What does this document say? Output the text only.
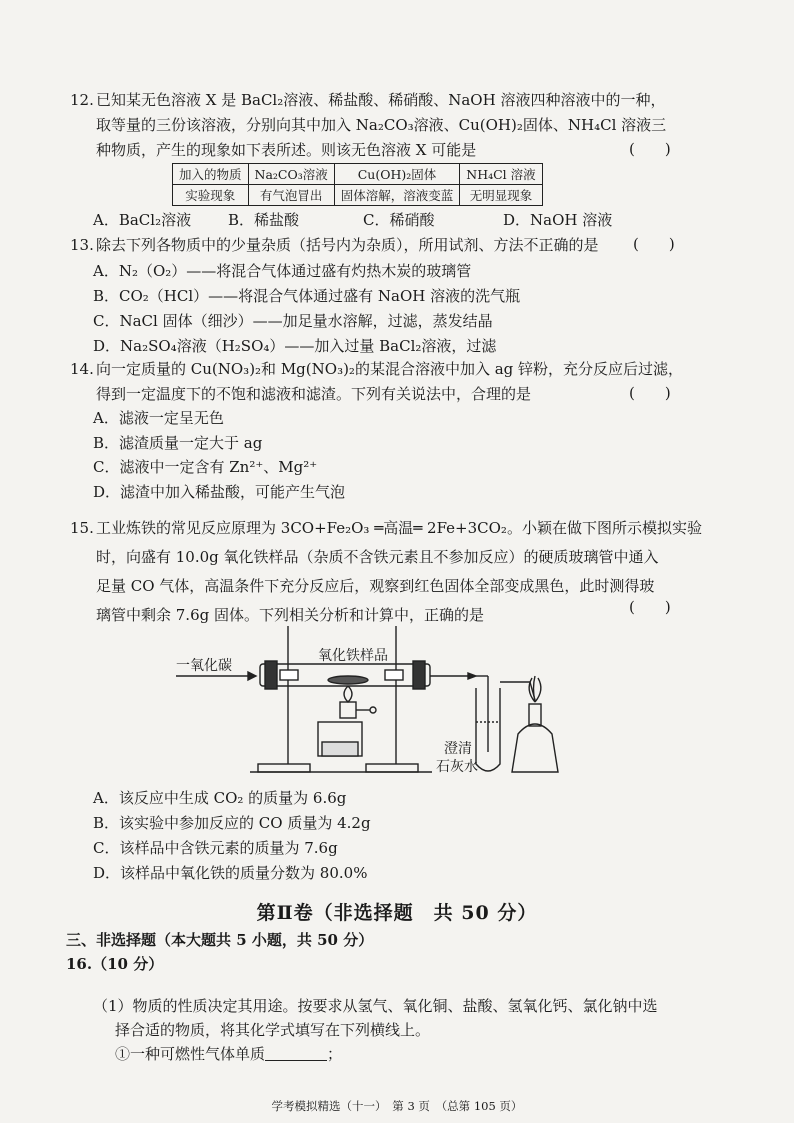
12. 已知某无色溶液 X 是 BaCl₂溶液、稀盐酸、稀硝酸、NaOH 溶液四种溶液中的一种，
取等量的三份该溶液，分别向其中加入 Na₂CO₃溶液、Cu(OH)₂固体、NH₄Cl 溶液三
种物质，产生的现象如下表所述。则该无色溶液 X 可能是	(　　)
加入的物质	Na₂CO₃溶液	Cu(OH)₂固体	NH₄Cl 溶液
实验现象	有气泡冒出	固体溶解，溶液变蓝	无明显现象
A．BaCl₂溶液 B．稀盐酸	C．稀硝酸	D．NaOH 溶液
13. 除去下列各物质中的少量杂质（括号内为杂质），所用试剂、方法不正确的是	(　　)
A．N₂（O₂）——将混合气体通过盛有灼热木炭的玻璃管
B．CO₂（HCl）——将混合气体通过盛有 NaOH 溶液的洗气瓶
C．NaCl 固体（细沙）——加足量水溶解，过滤，蒸发结晶
D．Na₂SO₄溶液（H₂SO₄）——加入过量 BaCl₂溶液，过滤
14. 向一定质量的 Cu(NO₃)₂和 Mg(NO₃)₂的某混合溶液中加入 ag 锌粉，充分反应后过滤，
得到一定温度下的不饱和滤液和滤渣。下列有关说法中，合理的是	(　　)
A．滤液一定呈无色
B．滤渣质量一定大于 ag
C．滤液中一定含有 Zn²⁺、Mg²⁺
D．滤渣中加入稀盐酸，可能产生气泡
15. 工业炼铁的常见反应原理为 3CO+Fe₂O₃ ═高温═ 2Fe+3CO₂。小颖在做下图所示模拟实验
时，向盛有 10.0g 氧化铁样品（杂质不含铁元素且不参加反应）的硬质玻璃管中通入
足量 CO 气体，高温条件下充分反应后，观察到红色固体全部变成黑色，此时测得玻
璃管中剩余 7.6g 固体。下列相关分析和计算中，正确的是	(　　)
一氧化碳
氧化铁样品
澄清
石灰水
A．该反应中生成 CO₂ 的质量为 6.6g
B．该实验中参加反应的 CO 质量为 4.2g
C．该样品中含铁元素的质量为 7.6g
D．该样品中氧化铁的质量分数为 80.0%
第Ⅱ卷（非选择题　共 50 分）
三、非选择题（本大题共 5 小题，共 50 分）
16.（10 分）
（1）物质的性质决定其用途。按要求从氢气、氧化铜、盐酸、氢氧化钙、氯化钠中选
择合适的物质，将其化学式填写在下列横线上。
①一种可燃性气体单质	；
学考模拟精选（十一）　第 3 页　（总第 105 页）
